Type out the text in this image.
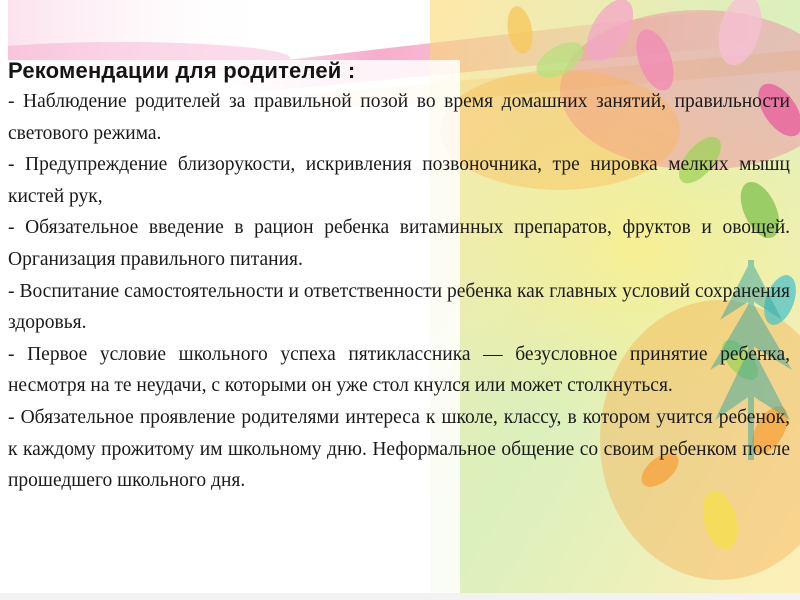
Рекомендации для родителей :

- Наблюдение родителей за правильной позой во время домашних занятий, правильности светового режима.

- Предупреждение близорукости, искривления позвоночника, тре нировка мелких мышц кистей рук,

- Обязательное введение в рацион ребенка витаминных препаратов, фруктов и овощей. Организация правильного питания.

- Воспитание самостоятельности и ответственности ребенка как главных условий сохранения здоровья.

- Первое условие школьного успеха пятиклассника — безусловное принятие ребенка, несмотря на те неудачи, с которыми он уже стол кнулся или может столкнуться.

- Обязательное проявление родителями интереса к школе, классу, в котором учится ребенок, к каждому прожитому им школьному дню. Неформальное общение со своим ребенком после прошедшего школьного дня.
